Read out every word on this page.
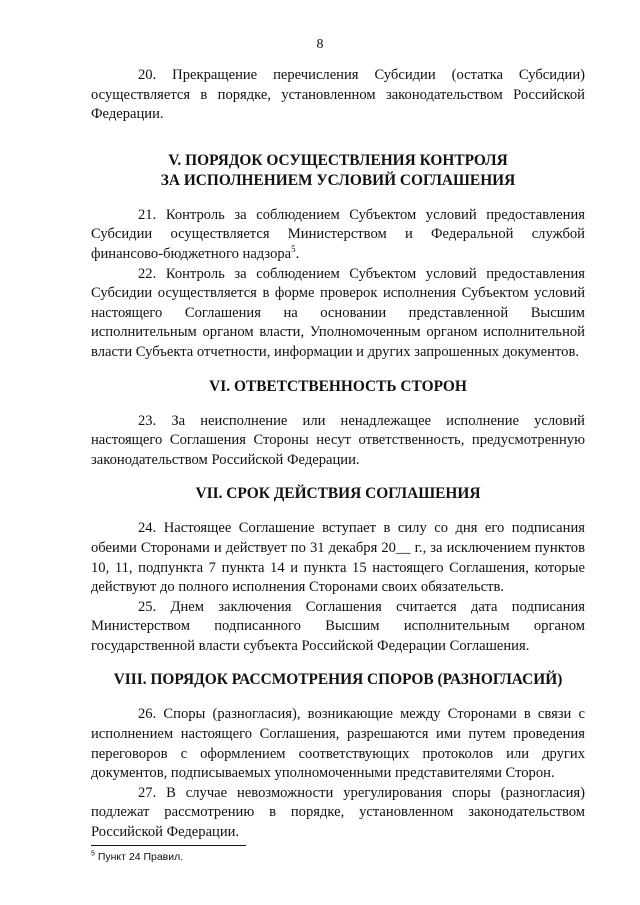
8

20. Прекращение перечисления Субсидии (остатка Субсидии) осуществляется в порядке, установленном законодательством Российской Федерации.

V. ПОРЯДОК ОСУЩЕСТВЛЕНИЯ КОНТРОЛЯ

ЗА ИСПОЛНЕНИЕМ УСЛОВИЙ СОГЛАШЕНИЯ

21. Контроль за соблюдением Субъектом условий предоставления Субсидии осуществляется Министерством и Федеральной службой финансово-бюджетного надзора$^5$.

22. Контроль за соблюдением Субъектом условий предоставления Субсидии осуществляется в форме проверок исполнения Субъектом условий настоящего Соглашения на основании представленной Высшим исполнительным органом власти, Уполномоченным органом исполнительной власти Субъекта отчетности, информации и других запрошенных документов.

VI. ОТВЕТСТВЕННОСТЬ СТОРОН

23. За неисполнение или ненадлежащее исполнение условий настоящего Соглашения Стороны несут ответственность, предусмотренную законодательством Российской Федерации.

VII. СРОК ДЕЙСТВИЯ СОГЛАШЕНИЯ

24. Настоящее Соглашение вступает в силу со дня его подписания обеими Сторонами и действует по 31 декабря 20__ г., за исключением пунктов 10, 11, подпункта 7 пункта 14 и пункта 15 настоящего Соглашения, которые действуют до полного исполнения Сторонами своих обязательств.

25. Днем заключения Соглашения считается дата подписания Министерством подписанного Высшим исполнительным органом государственной власти субъекта Российской Федерации Соглашения.

VIII. ПОРЯДОК РАССМОТРЕНИЯ СПОРОВ (РАЗНОГЛАСИЙ)

26. Споры (разногласия), возникающие между Сторонами в связи с исполнением настоящего Соглашения, разрешаются ими путем проведения переговоров с оформлением соответствующих протоколов или других документов, подписываемых уполномоченными представителями Сторон.

27. В случае невозможности урегулирования споры (разногласия) подлежат рассмотрению в порядке, установленном законодательством Российской Федерации.

$^5$ Пункт 24 Правил.
